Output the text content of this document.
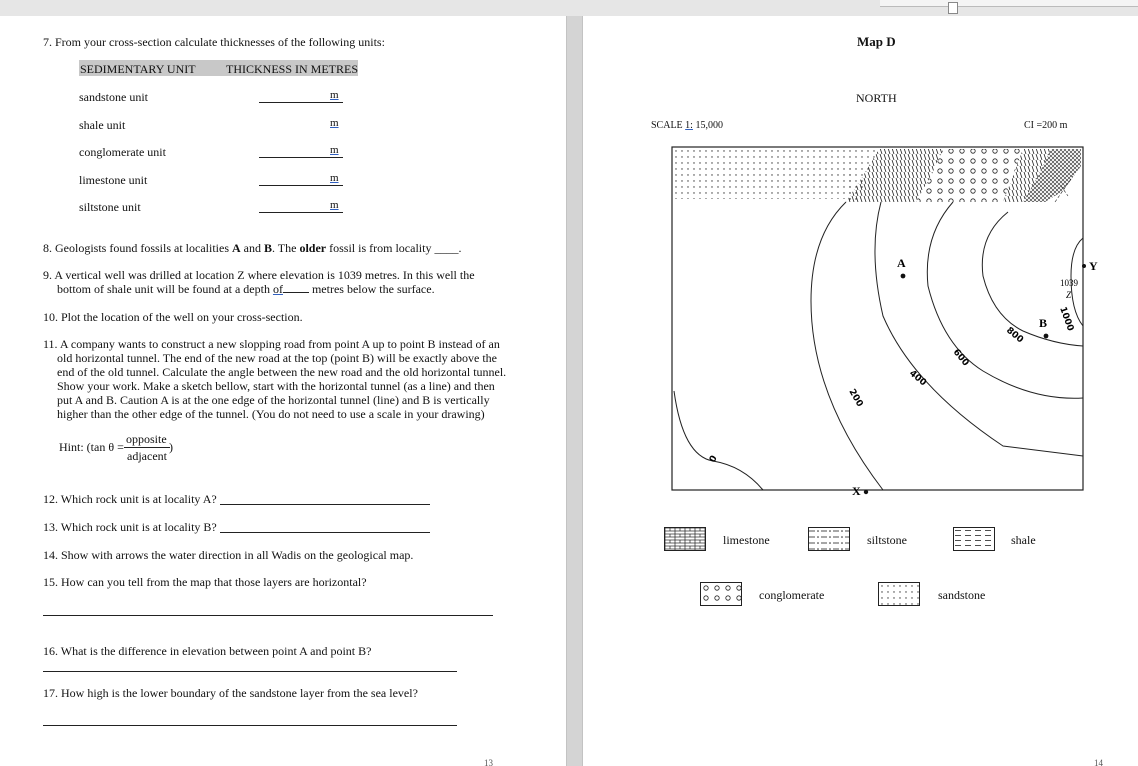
7. From your cross-section calculate thicknesses of the following units:
SEDIMENTARY UNIT	THICKNESS IN METRES
sandstone unit	m
shale unit	m
conglomerate unit	m
limestone unit	m
siltstone unit	m
8. Geologists found fossils at localities A and B. The older fossil is from locality ____.
9. A vertical well was drilled at location Z where elevation is 1039 metres. In this well the
bottom of shale unit will be found at a depth of metres below the surface.
10. Plot the location of the well on your cross-section.
11. A company wants to construct a new slopping road from point A up to point B instead of an
old horizontal tunnel. The end of the new road at the top (point B) will be exactly above the
end of the old tunnel. Calculate the angle between the new road and the old horizontal tunnel.
Show your work. Make a sketch bellow, start with the horizontal tunnel (as a line) and then
put A and B. Caution A is at the one edge of the horizontal tunnel (line) and B is vertically
higher than the other edge of the tunnel. (You do not need to use a scale in your drawing)
Hint: (tan θ =
opposite
adjacent
)
12. Which rock unit is at locality A?
13. Which rock unit is at locality B?
14. Show with arrows the water direction in all Wadis on the geological map.
15. How can you tell from the map that those layers are horizontal?
16. What is the difference in elevation between point A and point B?
17. How high is the lower boundary of the sandstone layer from the sea level?
13
Map D
NORTH
SCALE 1: 15,000	CI =200 m
A
B
X
Y
1039
Z
0
200
400
600
800
1000
limestone	siltstone	shale
conglomerate	sandstone
14
